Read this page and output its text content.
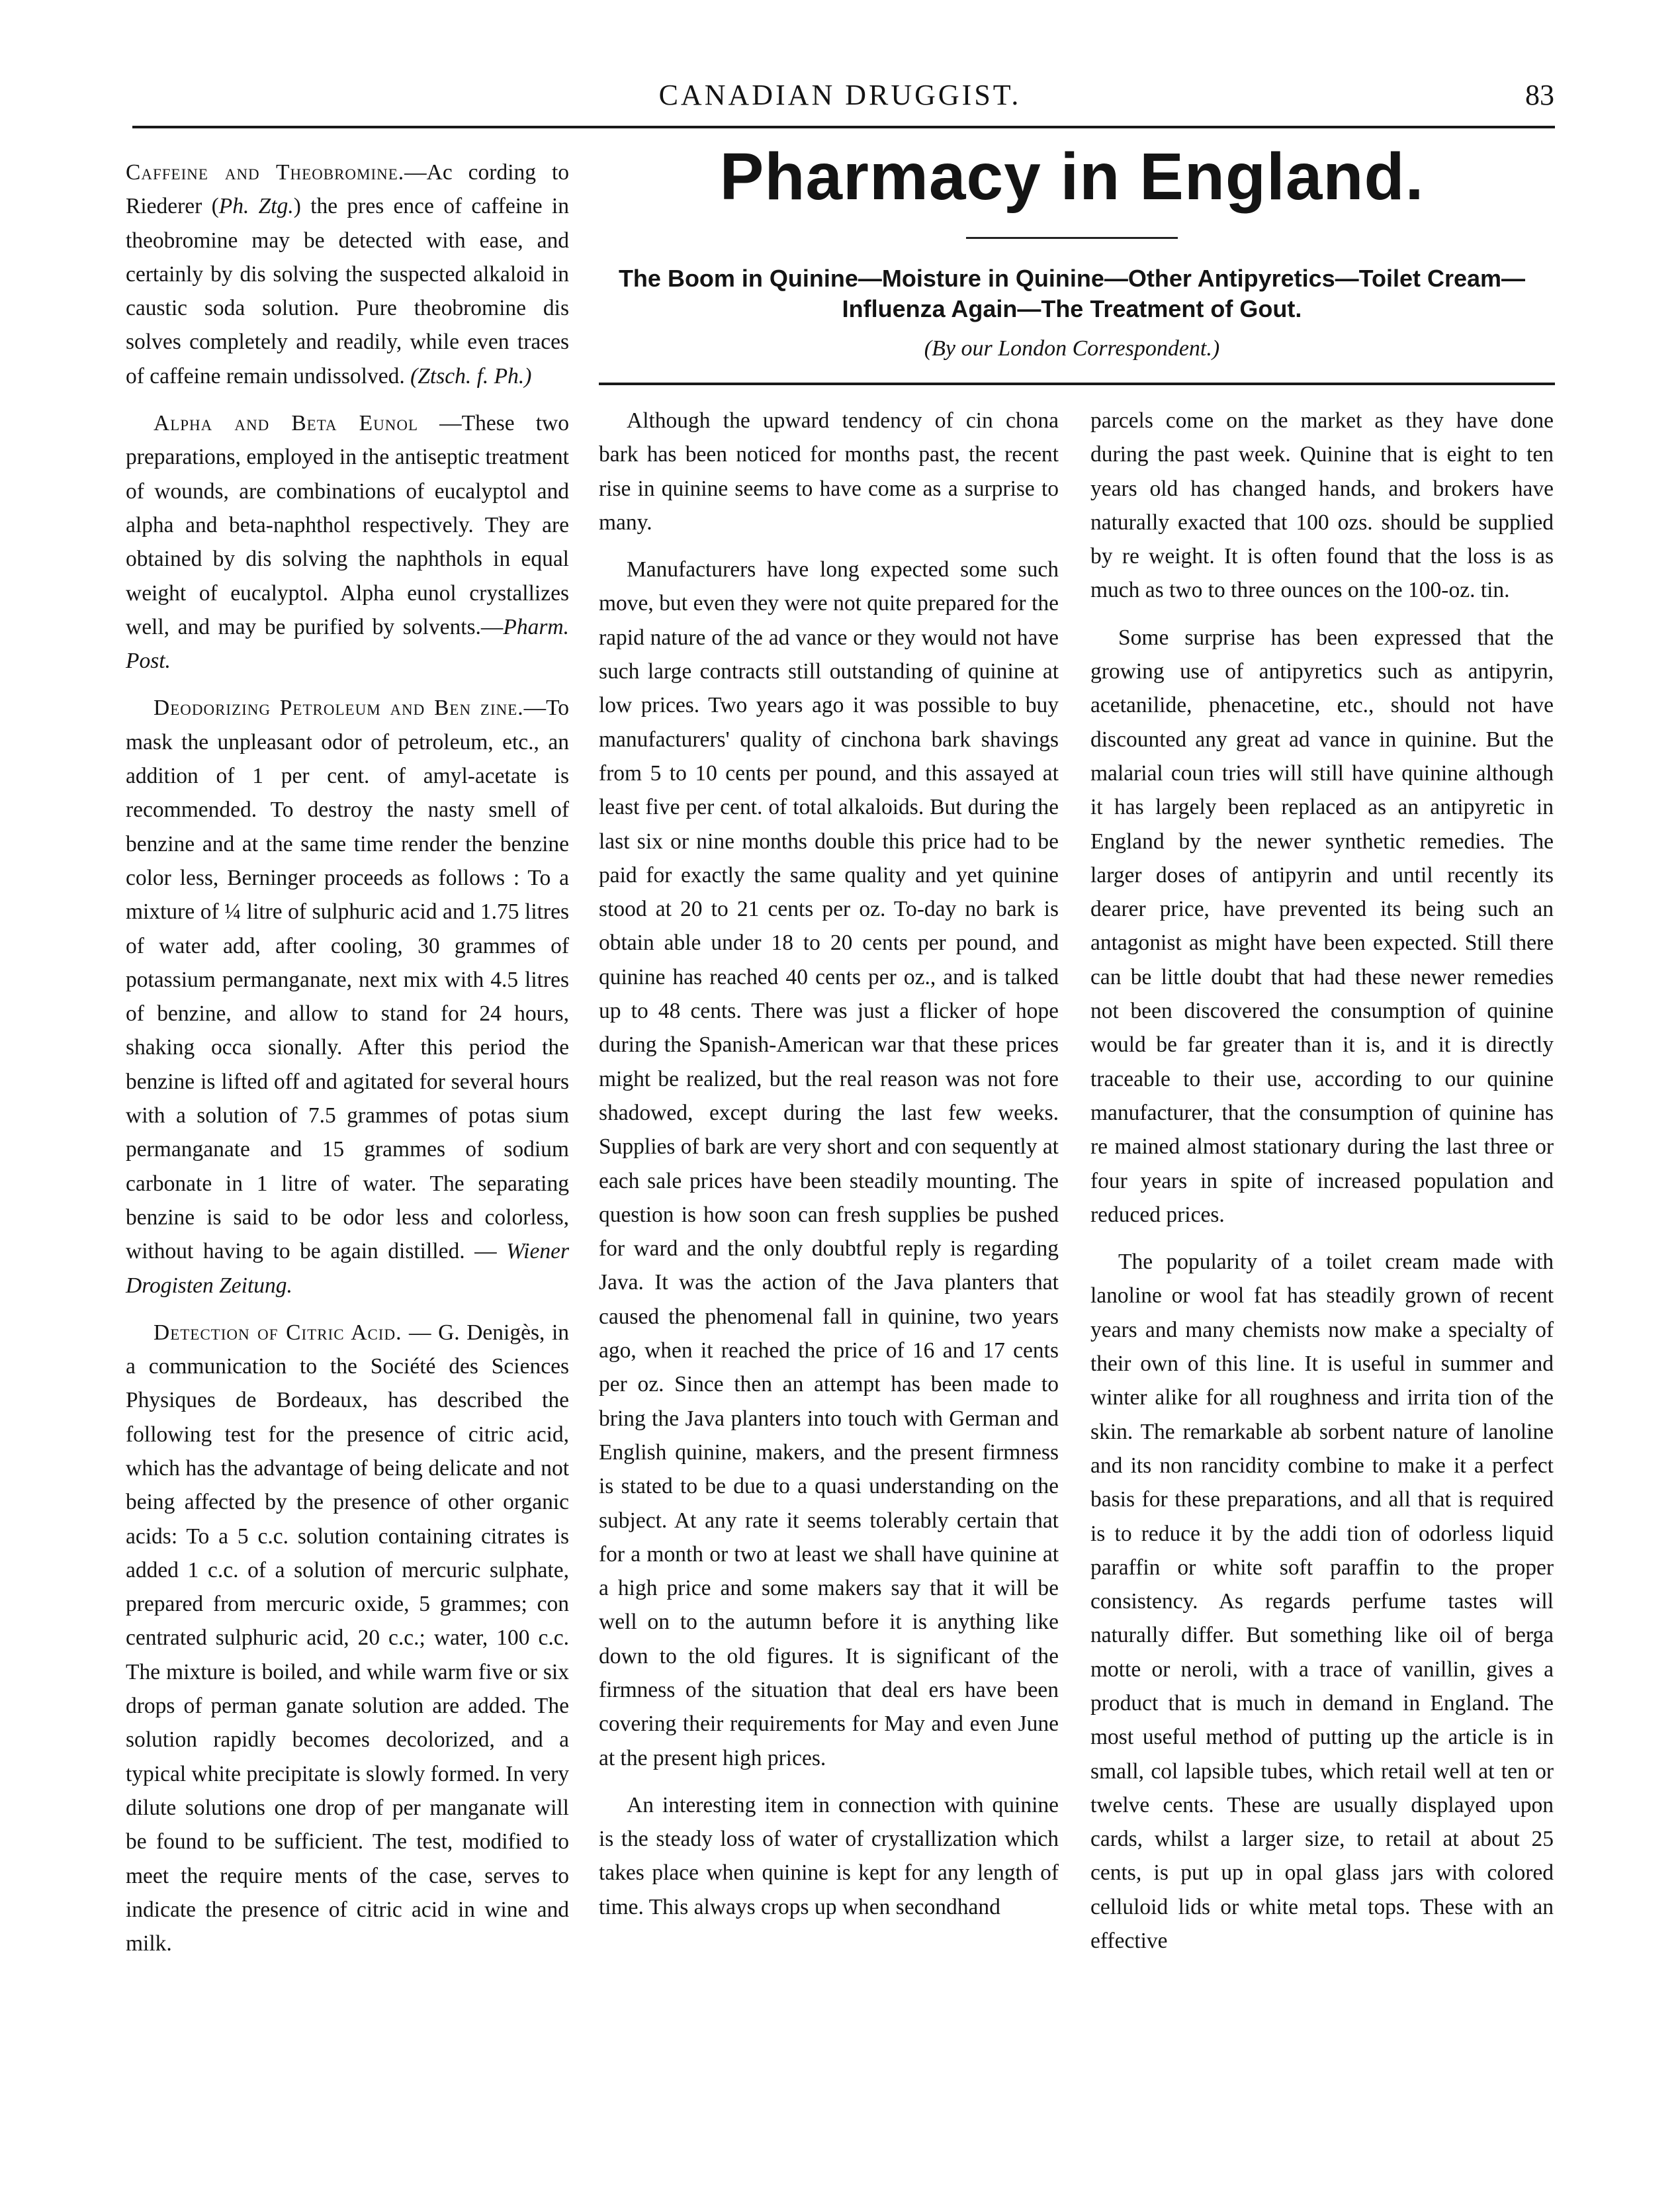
CANADIAN DRUGGIST.	83

Caffeine and Theobromine.—Ac cording to Riederer (Ph. Ztg.) the pres ence of caffeine in theobromine may be detected with ease, and certainly by dis solving the suspected alkaloid in caustic soda solution. Pure theobromine dis solves completely and readily, while even traces of caffeine remain undissolved. (Ztsch. f. Ph.)

Alpha and Beta Eunol —These two preparations, employed in the antiseptic treatment of wounds, are combinations of eucalyptol and alpha and beta-naphthol respectively. They are obtained by dis solving the naphthols in equal weight of eucalyptol. Alpha eunol crystallizes well, and may be purified by solvents.—Pharm. Post.

Deodorizing Petroleum and Ben zine.—To mask the unpleasant odor of petroleum, etc., an addition of 1 per cent. of amyl-acetate is recommended. To destroy the nasty smell of benzine and at the same time render the benzine color less, Berninger proceeds as follows : To a mixture of ¼ litre of sulphuric acid and 1.75 litres of water add, after cooling, 30 grammes of potassium permanganate, next mix with 4.5 litres of benzine, and allow to stand for 24 hours, shaking occa sionally. After this period the benzine is lifted off and agitated for several hours with a solution of 7.5 grammes of potas sium permanganate and 15 grammes of sodium carbonate in 1 litre of water. The separating benzine is said to be odor less and colorless, without having to be again distilled. — Wiener Drogisten Zeitung.

Detection of Citric Acid. — G. Denigès, in a communication to the Société des Sciences Physiques de Bordeaux, has described the following test for the presence of citric acid, which has the advantage of being delicate and not being affected by the presence of other organic acids: To a 5 c.c. solution containing citrates is added 1 c.c. of a solution of mercuric sulphate, prepared from mercuric oxide, 5 grammes; con centrated sulphuric acid, 20 c.c.; water, 100 c.c. The mixture is boiled, and while warm five or six drops of perman ganate solution are added. The solution rapidly becomes decolorized, and a typical white precipitate is slowly formed. In very dilute solutions one drop of per manganate will be found to be sufficient. The test, modified to meet the require ments of the case, serves to indicate the presence of citric acid in wine and milk.

Pharmacy in England.
The Boom in Quinine—Moisture in Quinine—Other Antipyretics—Toilet Cream—Influenza Again—The Treatment of Gout.
(By our London Correspondent.)

Although the upward tendency of cin chona bark has been noticed for months past, the recent rise in quinine seems to have come as a surprise to many.

Manufacturers have long expected some such move, but even they were not quite prepared for the rapid nature of the ad vance or they would not have such large contracts still outstanding of quinine at low prices. Two years ago it was possible to buy manufacturers' quality of cinchona bark shavings from 5 to 10 cents per pound, and this assayed at least five per cent. of total alkaloids. But during the last six or nine months double this price had to be paid for exactly the same quality and yet quinine stood at 20 to 21 cents per oz. To-day no bark is obtain able under 18 to 20 cents per pound, and quinine has reached 40 cents per oz., and is talked up to 48 cents. There was just a flicker of hope during the Spanish-American war that these prices might be realized, but the real reason was not fore shadowed, except during the last few weeks. Supplies of bark are very short and con sequently at each sale prices have been steadily mounting. The question is how soon can fresh supplies be pushed for ward and the only doubtful reply is regarding Java. It was the action of the Java planters that caused the phenomenal fall in quinine, two years ago, when it reached the price of 16 and 17 cents per oz. Since then an attempt has been made to bring the Java planters into touch with German and English quinine, makers, and the present firmness is stated to be due to a quasi understanding on the subject. At any rate it seems tolerably certain that for a month or two at least we shall have quinine at a high price and some makers say that it will be well on to the autumn before it is anything like down to the old figures. It is significant of the firmness of the situation that deal ers have been covering their requirements for May and even June at the present high prices.

An interesting item in connection with quinine is the steady loss of water of crystallization which takes place when quinine is kept for any length of time. This always crops up when secondhand

parcels come on the market as they have done during the past week. Quinine that is eight to ten years old has changed hands, and brokers have naturally exacted that 100 ozs. should be supplied by re weight. It is often found that the loss is as much as two to three ounces on the 100-oz. tin.

Some surprise has been expressed that the growing use of antipyretics such as antipyrin, acetanilide, phenacetine, etc., should not have discounted any great ad vance in quinine. But the malarial coun tries will still have quinine although it has largely been replaced as an antipyretic in England by the newer synthetic remedies. The larger doses of antipyrin and until recently its dearer price, have prevented its being such an antagonist as might have been expected. Still there can be little doubt that had these newer remedies not been discovered the consumption of quinine would be far greater than it is, and it is directly traceable to their use, according to our quinine manufacturer, that the consumption of quinine has re mained almost stationary during the last three or four years in spite of increased population and reduced prices.

The popularity of a toilet cream made with lanoline or wool fat has steadily grown of recent years and many chemists now make a specialty of their own of this line. It is useful in summer and winter alike for all roughness and irrita tion of the skin. The remarkable ab sorbent nature of lanoline and its non rancidity combine to make it a perfect basis for these preparations, and all that is required is to reduce it by the addi tion of odorless liquid paraffin or white soft paraffin to the proper consistency. As regards perfume tastes will naturally differ. But something like oil of berga motte or neroli, with a trace of vanillin, gives a product that is much in demand in England. The most useful method of putting up the article is in small, col lapsible tubes, which retail well at ten or twelve cents. These are usually displayed upon cards, whilst a larger size, to retail at about 25 cents, is put up in opal glass jars with colored celluloid lids or white metal tops. These with an effective
